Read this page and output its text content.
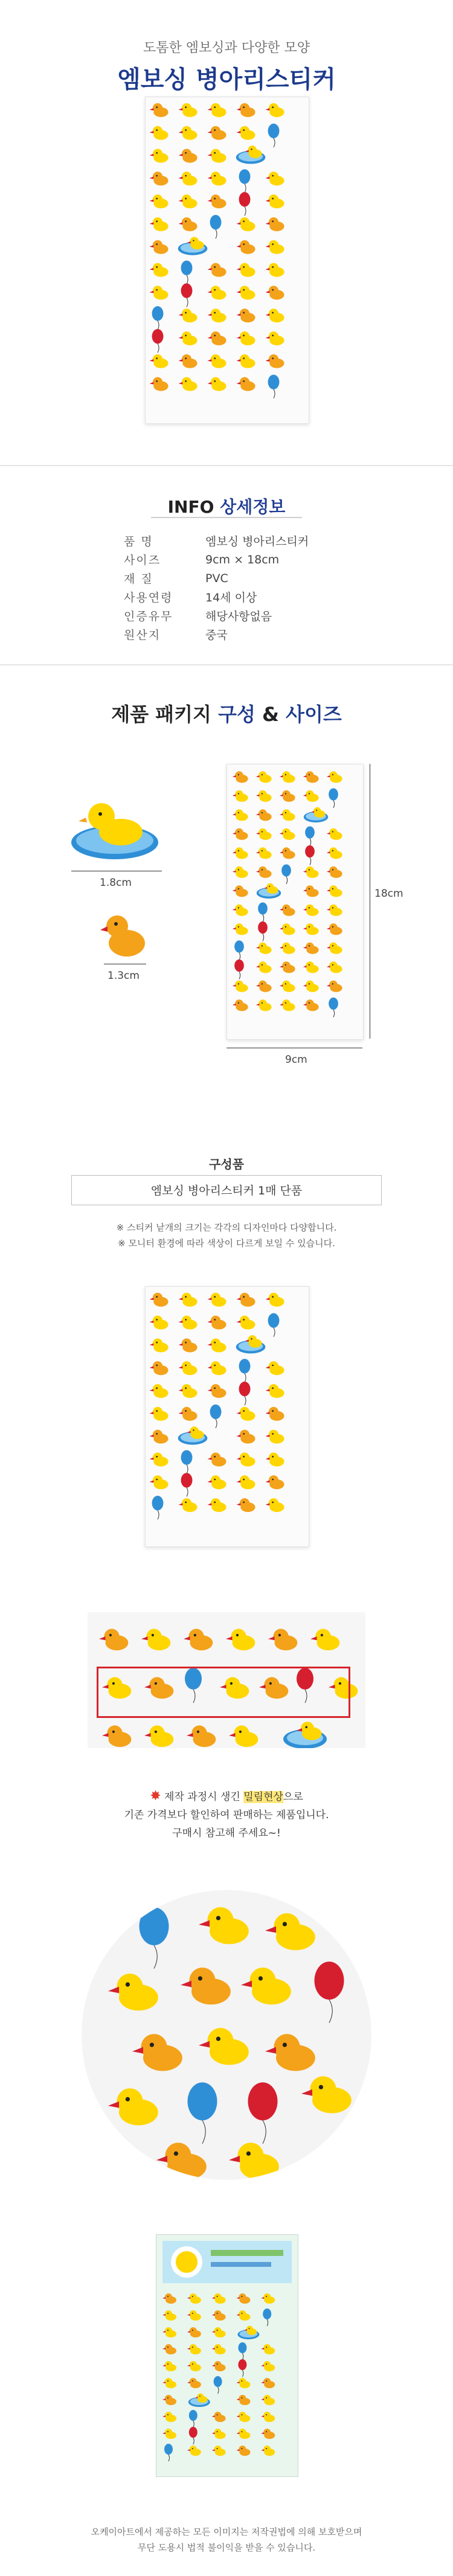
도톰한 엠보싱과 다양한 모양
엠보싱 병아리스티커
INFO 상세정보
품 명	엠보싱 병아리스티커
사이즈	9cm × 18cm
재 질	PVC
사용연령	14세 이상
인증유무	해당사항없음
원산지	중국
제품 패키지 구성 & 사이즈
1.8cm
1.3cm
18cm
9cm
구성품
엠보싱 병아리스티커 1매 단품
※ 스티커 낱개의 크기는 각각의 디자인마다 다양합니다.
※ 모니터 환경에 따라 색상이 다르게 보일 수 있습니다.
✸ 제작 과정시 생긴 밀림현상으로
기존 가격보다 할인하여 판매하는 제품입니다.
구매시 참고해 주세요~!
오케이아트에서 제공하는 모든 이미지는 저작권법에 의해 보호받으며
무단 도용시 법적 불이익을 받을 수 있습니다.
